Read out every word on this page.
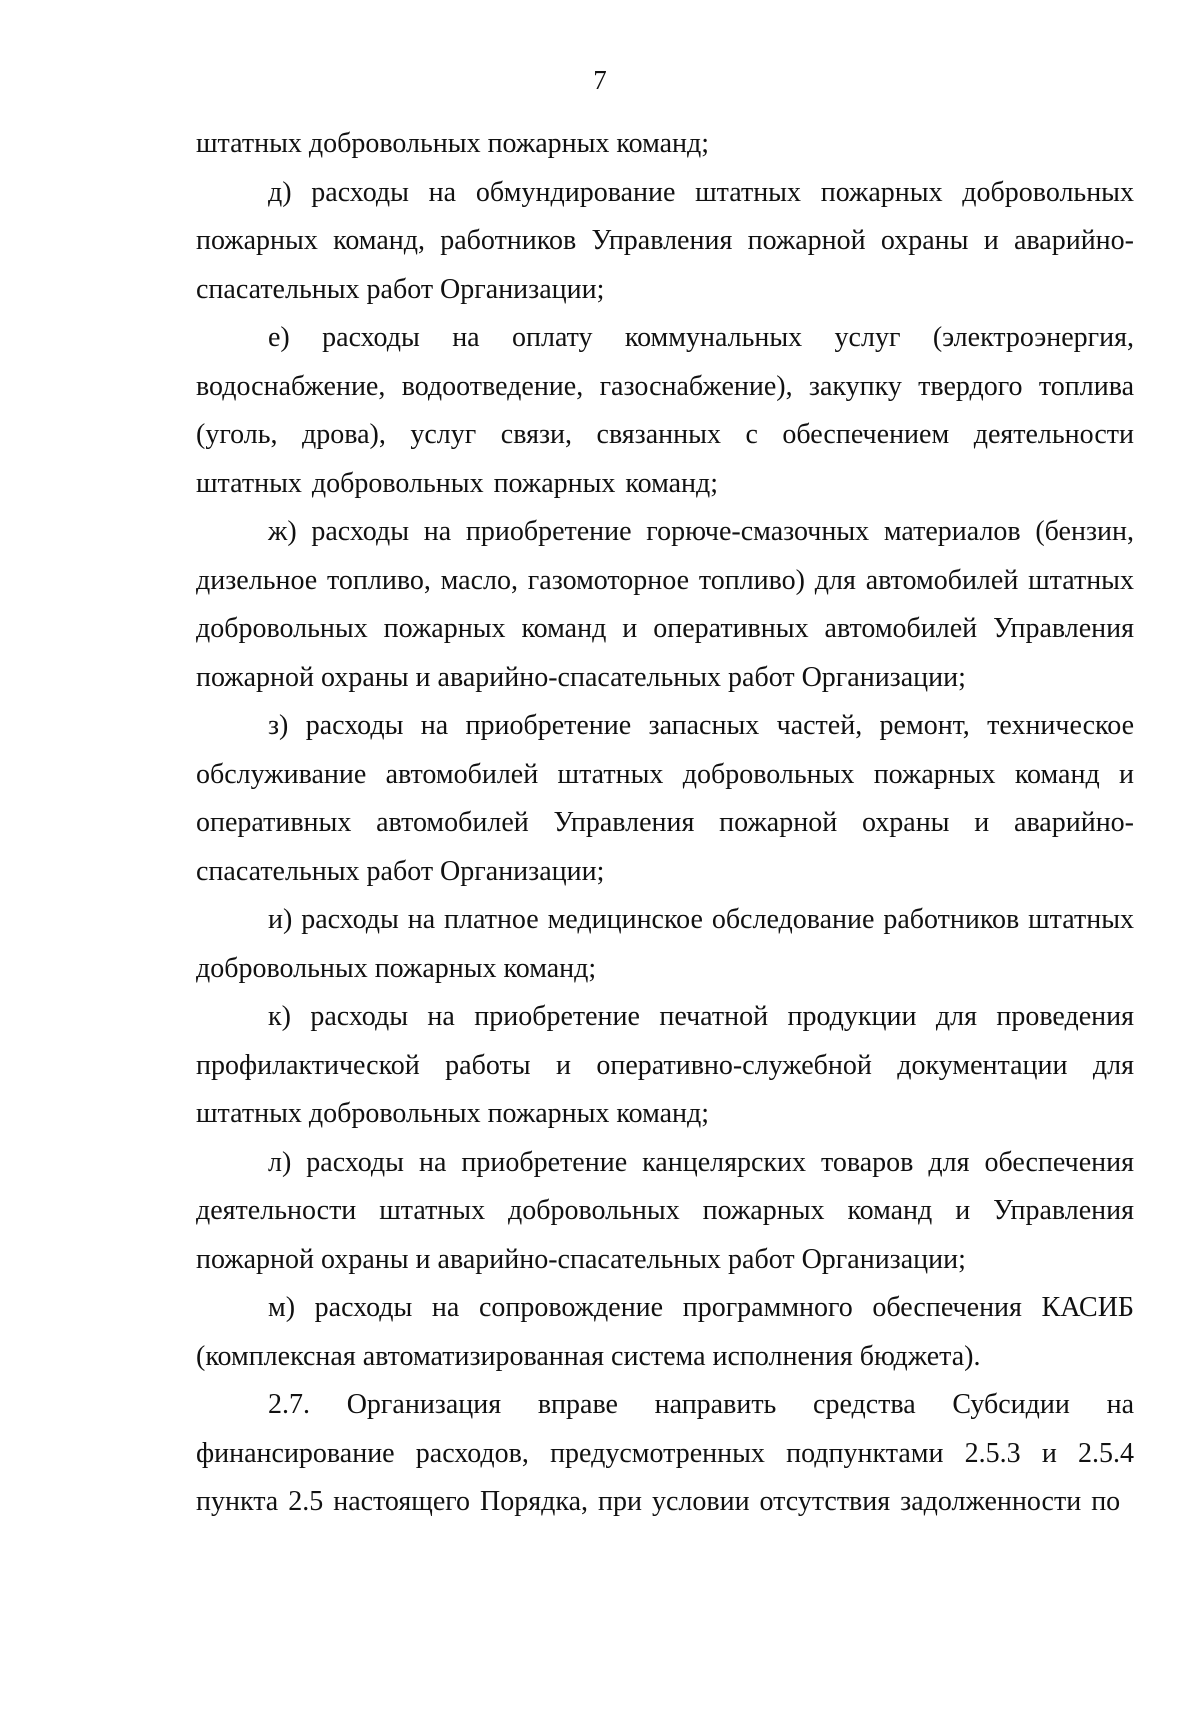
7

штатных добровольных пожарных команд;

д) расходы на обмундирование штатных пожарных добровольных пожарных команд, работников Управления пожарной охраны и аварийно-спасательных работ Организации;

е) расходы на оплату коммунальных услуг (электроэнергия, водоснабжение, водоотведение, газоснабжение), закупку твердого топлива (уголь, дрова), услуг связи, связанных с обеспечением деятельности штатных добровольных пожарных команд;

ж) расходы на приобретение горюче-смазочных материалов (бензин, дизельное топливо, масло, газомоторное топливо) для автомобилей штатных добровольных пожарных команд и оперативных автомобилей Управления пожарной охраны и аварийно-спасательных работ Организации;

з) расходы на приобретение запасных частей, ремонт, техническое обслуживание автомобилей штатных добровольных пожарных команд и оперативных автомобилей Управления пожарной охраны и аварийно-спасательных работ Организации;

и) расходы на платное медицинское обследование работников штатных добровольных пожарных команд;

к) расходы на приобретение печатной продукции для проведения профилактической работы и оперативно-служебной документации для штатных добровольных пожарных команд;

л) расходы на приобретение канцелярских товаров для обеспечения деятельности штатных добровольных пожарных команд и Управления пожарной охраны и аварийно-спасательных работ Организации;

м) расходы на сопровождение программного обеспечения КАСИБ (комплексная автоматизированная система исполнения бюджета).

2.7. Организация вправе направить средства Субсидии на финансирование расходов, предусмотренных подпунктами 2.5.3 и 2.5.4 пункта 2.5 настоящего Порядка, при условии отсутствия задолженности по
